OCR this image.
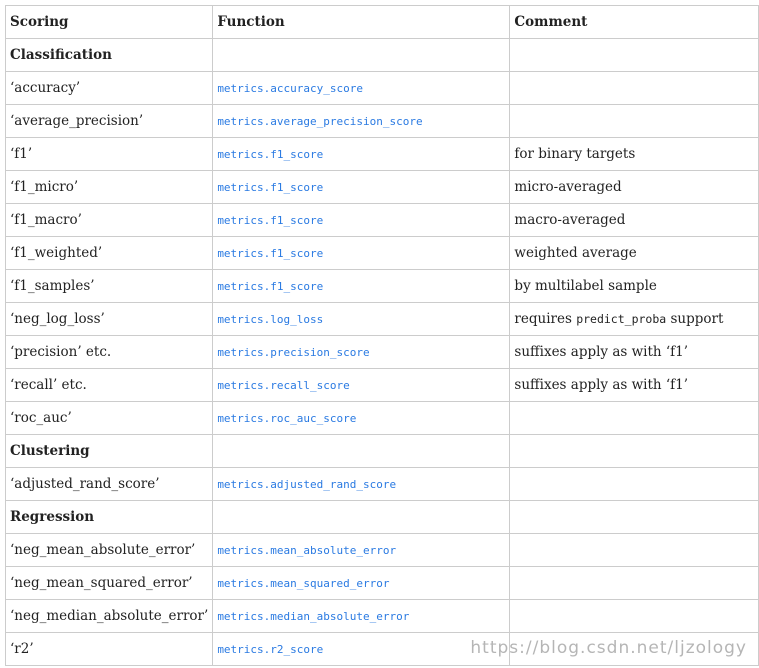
Scoring	Function	Comment
Classification		
‘accuracy’	metrics.accuracy_score	
‘average_precision’	metrics.average_precision_score	
‘f1’	metrics.f1_score	for binary targets
‘f1_micro’	metrics.f1_score	micro-averaged
‘f1_macro’	metrics.f1_score	macro-averaged
‘f1_weighted’	metrics.f1_score	weighted average
‘f1_samples’	metrics.f1_score	by multilabel sample
‘neg_log_loss’	metrics.log_loss	requires predict_proba support
‘precision’ etc.	metrics.precision_score	suffixes apply as with ‘f1’
‘recall’ etc.	metrics.recall_score	suffixes apply as with ‘f1’
‘roc_auc’	metrics.roc_auc_score	
Clustering		
‘adjusted_rand_score’	metrics.adjusted_rand_score	
Regression		
‘neg_mean_absolute_error’	metrics.mean_absolute_error	
‘neg_mean_squared_error’	metrics.mean_squared_error	
‘neg_median_absolute_error’	metrics.median_absolute_error	
‘r2’	metrics.r2_score		https://blog.csdn.net/ljzology
